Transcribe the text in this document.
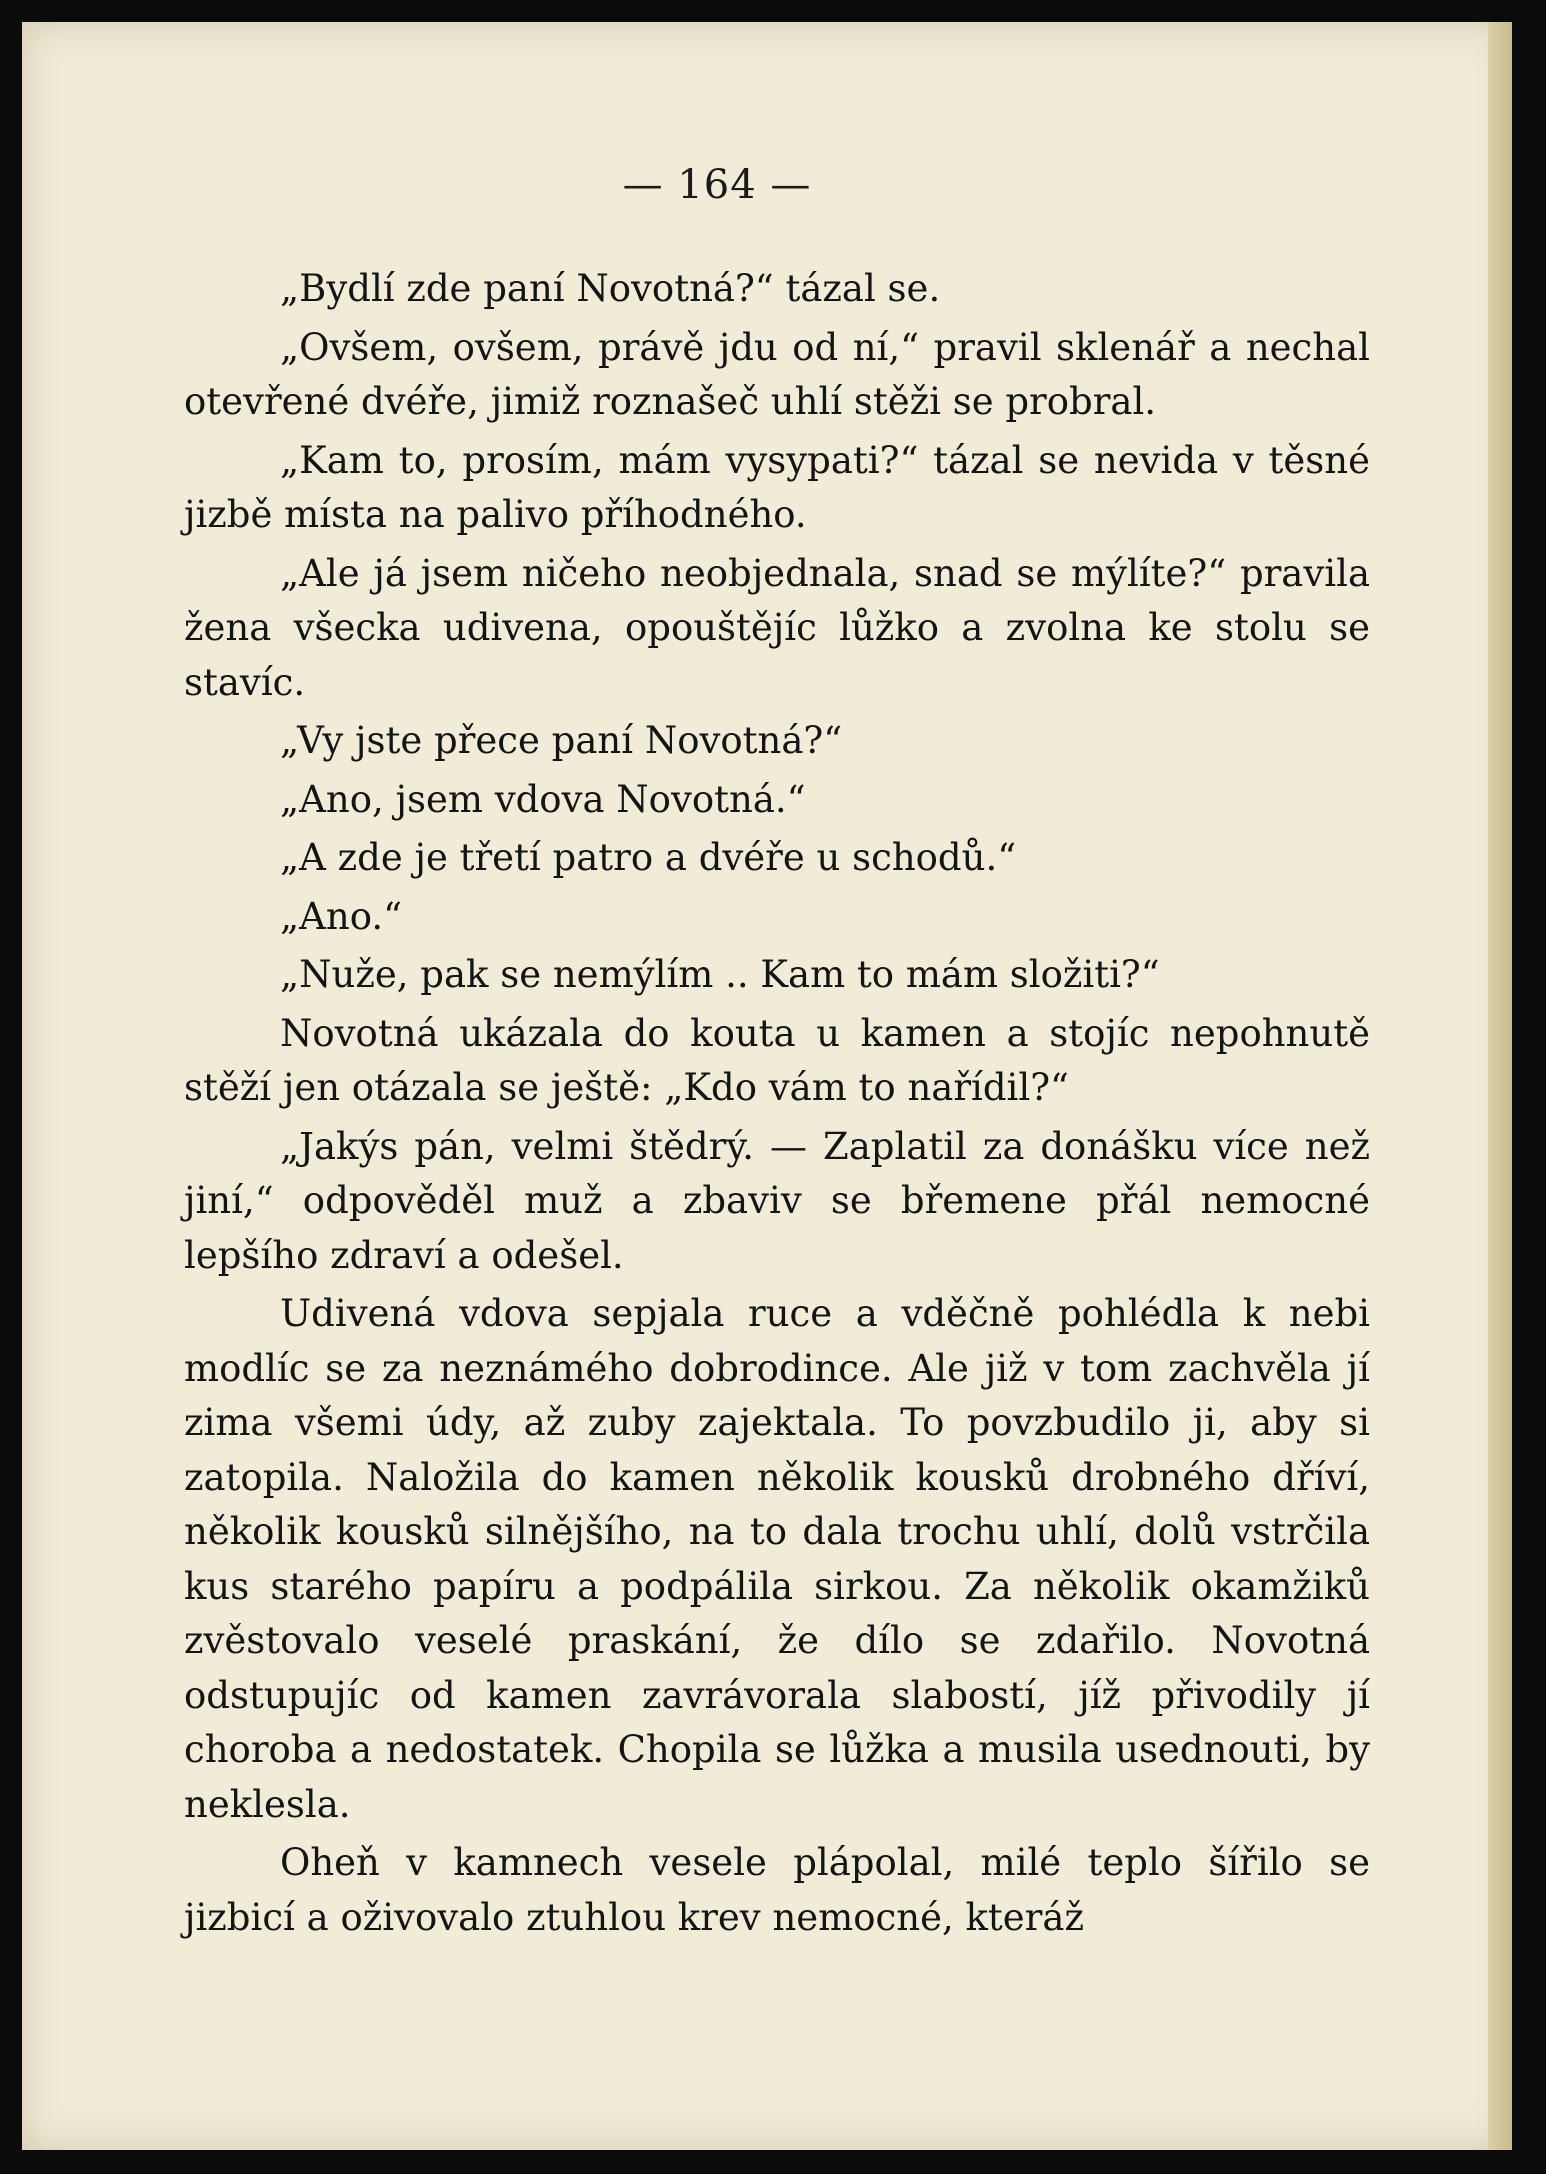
— 164 —

„Bydlí zde paní Novotná?“ tázal se.

„Ovšem, ovšem, právě jdu od ní,“ pravil sklenář a nechal otevřené dvéře, jimiž roznašeč uhlí stěži se probral.

„Kam to, prosím, mám vysypati?“ tázal se nevida v těsné jizbě místa na palivo příhodného.

„Ale já jsem ničeho neobjednala, snad se mýlíte?“ pravila žena všecka udivena, opouštějíc lůžko a zvolna ke stolu se stavíc.

„Vy jste přece paní Novotná?“

„Ano, jsem vdova Novotná.“

„A zde je třetí patro a dvéře u schodů.“

„Ano.“

„Nuže, pak se nemýlím .. Kam to mám složiti?“

Novotná ukázala do kouta u kamen a stojíc nepohnutě stěží jen otázala se ještě: „Kdo vám to nařídil?“

„Jakýs pán, velmi štědrý. — Zaplatil za donášku více než jiní,“ odpověděl muž a zbaviv se břemene přál nemocné lepšího zdraví a odešel.

Udivená vdova sepjala ruce a vděčně pohlédla k nebi modlíc se za neznámého dobrodince. Ale již v tom zachvěla jí zima všemi údy, až zuby zajektala. To povzbudilo ji, aby si zatopila. Naložila do kamen několik kousků drobného dříví, několik kousků silnějšího, na to dala trochu uhlí, dolů vstrčila kus starého papíru a podpálila sirkou. Za několik okamžiků zvěstovalo veselé praskání, že dílo se zdařilo. Novotná odstupujíc od kamen zavrávorala slabostí, jíž přivodily jí choroba a nedostatek. Chopila se lůžka a musila usednouti, by neklesla.

Oheň v kamnech vesele plápolal, milé teplo šířilo se jizbicí a oživovalo ztuhlou krev nemocné, kteráž
